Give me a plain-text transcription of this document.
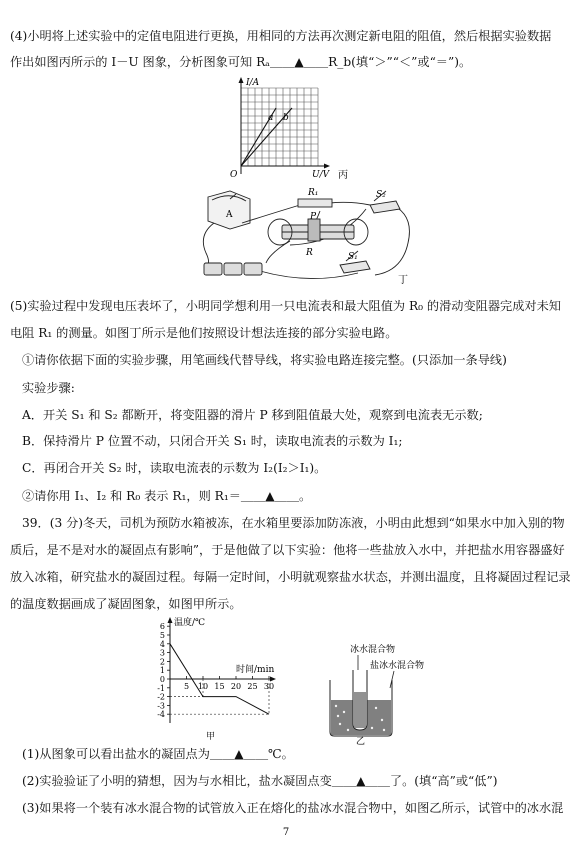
(4)小明将上述实验中的定值电阻进行更换，用相同的方法再次测定新电阻的阻值，然后根据实验数据
作出如图丙所示的 I－U 图象，分析图象可知 Rₐ＿＿▲＿＿R_b(填“＞”“＜”或“＝”)。
I/A
O	U/V
a b
丙
A
R₁	S₂
P
R	S₁
丁
(5)实验过程中发现电压表坏了，小明同学想利用一只电流表和最大阻值为 R₀ 的滑动变阻器完成对未知
电阻 R₁ 的测量。如图丁所示是他们按照设计想法连接的部分实验电路。
①请你依据下面的实验步骤，用笔画线代替导线，将实验电路连接完整。(只添加一条导线)
实验步骤:
A．开关 S₁ 和 S₂ 都断开，将变阻器的滑片 P 移到阻值最大处，观察到电流表无示数;
B．保持滑片 P 位置不动，只闭合开关 S₁ 时，读取电流表的示数为 I₁;
C．再闭合开关 S₂ 时，读取电流表的示数为 I₂(I₂＞I₁)。
②请你用 I₁、I₂ 和 R₀ 表示 R₁，则 R₁＝＿＿▲＿＿。
39．(3 分)冬天，司机为预防水箱被冻，在水箱里要添加防冻液，小明由此想到“如果水中加入别的物
质后，是不是对水的凝固点有影响”，于是他做了以下实验：他将一些盐放入水中，并把盐水用容器盛好
放入冰箱，研究盐水的凝固过程。每隔一定时间，小明就观察盐水状态，并测出温度，且将凝固过程记录
的温度数据画成了凝固图象，如图甲所示。
温度/℃
时间/min
6
5
4
3
2
1
0
-1
-2
-3
-4
5 10 15 20 25 30
甲
冰水混合物
盐冰水混合物
乙
(1)从图象可以看出盐水的凝固点为＿＿▲＿＿℃。
(2)实验验证了小明的猜想，因为与水相比，盐水凝固点变＿＿▲＿＿了。(填“高”或“低”)
(3)如果将一个装有冰水混合物的试管放入正在熔化的盐冰水混合物中，如图乙所示，试管中的冰水混
7
